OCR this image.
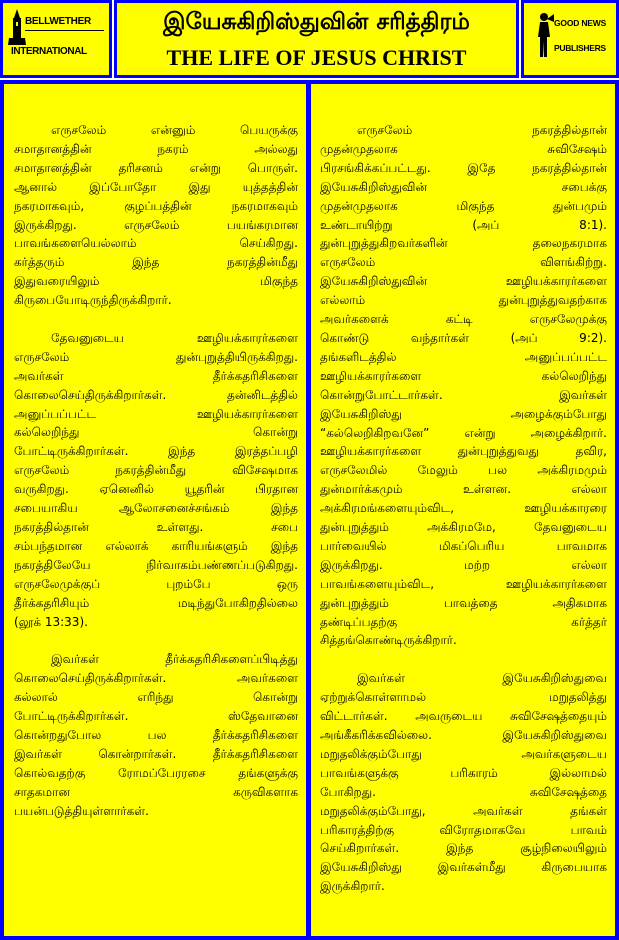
BELLWETHER
INTERNATIONAL
இயேசுகிறிஸ்துவின் சரித்திரம்
THE LIFE OF JESUS CHRIST
GOOD NEWS
PUBLISHERS
எருசலேம் என்னும் பெயருக்கு
சமாதானத்தின் நகரம் அல்லது
சமாதானத்தின் தரிசனம் என்று பொருள்.
ஆனால் இப்போதோ இது யுத்தத்தின்
நகரமாகவும், குழப்பத்தின் நகரமாகவும்
இருக்கிறது. எருசலேம் பயங்கரமான
பாவங்களையெல்லாம் செய்கிறது.
கர்த்தரும் இந்த நகரத்தின்மீது
இதுவரையிலும் மிகுந்த
கிருபையோடிருந்திருக்கிறார்.
தேவனுடைய ஊழியக்காரர்களை
எருசலேம் துன்புறுத்தியிருக்கிறது.
அவர்கள் தீர்க்கதரிசிகளை
கொலைசெய்திருக்கிறார்கள். தன்னிடத்தில்
அனுப்பப்பட்ட ஊழியக்காரர்களை
கல்லெறிந்து கொன்று
போட்டிருக்கிறார்கள். இந்த இரத்தப்பழி
எருசலேம் நகரத்தின்மீது விசேஷமாக
வருகிறது. ஏனெனில் யூதரின் பிரதான
சபையாகிய ஆலோசனைச்சங்கம் இந்த
நகரத்தில்தான் உள்ளது. சபை
சம்பந்தமான எல்லாக் காரியங்களும் இந்த
நகரத்திலேயே நிர்வாகம்பண்ணப்படுகிறது.
எருசலேமுக்குப் புறம்பே ஒரு
தீர்க்கதரிசியும் மடிந்துபோகிறதில்லை
(லூக் 13:33).
இவர்கள் தீர்க்கதரிசிகளைப்பிடித்து
கொலைசெய்திருக்கிறார்கள். அவர்களை
கல்லால் எரிந்து கொன்று
போட்டிருக்கிறார்கள். ஸ்தேவானை
கொன்றதுபோல பல தீர்க்கதரிசிகளை
இவர்கள் கொன்றார்கள். தீர்க்கதரிசிகளை
கொல்வதற்கு ரோமப்பேரரசை தங்களுக்கு
சாதகமான கருவிகளாக
பயன்படுத்தியுள்ளார்கள்.
எருசலேம் நகரத்தில்தான்
முதன்முதலாக சுவிசேஷம்
பிரசங்கிக்கப்பட்டது. இதே நகரத்தில்தான்
இயேசுகிறிஸ்துவின் சபைக்கு
முதன்முதலாக மிகுந்த துன்பமும்
உண்டாயிற்று (அப் 8:1).
துன்புறுத்துகிறவர்களின் தலைநகரமாக
எருசலேம் விளங்கிற்று.
இயேசுகிறிஸ்துவின் ஊழியக்காரர்களை
எல்லாம் துன்புறுத்துவதற்காக
அவர்களைக் கட்டி எருசலேமுக்கு
கொண்டு வந்தார்கள் (அப் 9:2).
தங்களிடத்தில் அனுப்பப்பட்ட
ஊழியக்காரர்களை கல்லெறிந்து
கொன்றுபோட்டார்கள். இவர்கள்
இயேசுகிறிஸ்து அழைக்கும்போது
“கல்லெறிகிறவனே” என்று அழைக்கிறார்.
ஊழியக்காரர்களை துன்புறுத்துவது தவிர,
எருசலேமில் மேலும் பல அக்கிரமமும்
துன்மார்க்கமும் உள்ளன. எல்லா
அக்கிரமங்களையும்விட, ஊழியக்காரரை
துன்புறுத்தும் அக்கிரமமே, தேவனுடைய
பார்வையில் மிகப்பெரிய பாவமாக
இருக்கிறது. மற்ற எல்லா
பாவங்களையும்விட, ஊழியக்காரர்களை
துன்புறுத்தும் பாவத்தை அதிகமாக
தண்டிப்பதற்கு கர்த்தர்
சித்தங்கொண்டிருக்கிறார்.
இவர்கள் இயேசுகிறிஸ்துவை
ஏற்றுக்கொள்ளாமல் மறுதலித்து
விட்டார்கள். அவருடைய சுவிசேஷத்தையும்
அங்கீகரிக்கவில்லை. இயேசுகிறிஸ்துவை
மறுதலிக்கும்போது அவர்களுடைய
பாவங்களுக்கு பரிகாரம் இல்லாமல்
போகிறது. சுவிசேஷத்தை
மறுதலிக்கும்போது, அவர்கள் தங்கள்
பரிகாரத்திற்கு விரோதமாகவே பாவம்
செய்கிறார்கள். இந்த சூழ்நிலையிலும்
இயேசுகிறிஸ்து இவர்கள்மீது கிருபையாக
இருக்கிறார்.
